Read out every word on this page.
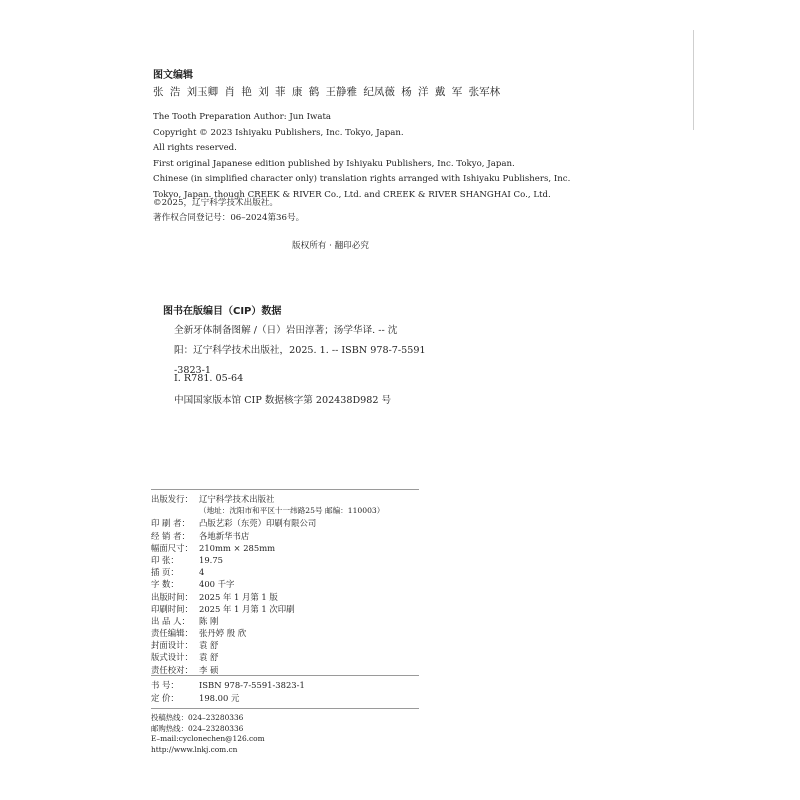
图文编辑
张 浩 刘玉卿 肖 艳 刘 菲 康 鹤 王静雅 纪凤薇 杨 洋 戴 军 张军林
The Tooth Preparation Author: Jun Iwata
Copyright © 2023 Ishiyaku Publishers, Inc. Tokyo, Japan.
All rights reserved.
First original Japanese edition published by Ishiyaku Publishers, Inc. Tokyo, Japan.
Chinese (in simplified character only) translation rights arranged with Ishiyaku Publishers, Inc.
Tokyo, Japan. though CREEK & RIVER Co., Ltd. and CREEK & RIVER SHANGHAI Co., Ltd.
©2025，辽宁科学技术出版社。
著作权合同登记号：06–2024第36号。
版权所有 · 翻印必究
图书在版编目（CIP）数据
全新牙体制备图解 /（日）岩田淳著；汤学华译. -- 沈
阳：辽宁科学技术出版社，2025. 1. -- ISBN 978-7-5591
-3823-1
Ⅰ. R781. 05-64
中国国家版本馆 CIP 数据核字第 202438D982 号
出版发行： 辽宁科学技术出版社
（地址：沈阳市和平区十一纬路25号 邮编：110003）
印 刷 者：	凸版艺彩（东莞）印刷有限公司
经 销 者：	各地新华书店
幅面尺寸： 210mm × 285mm
印 张：	19.75
插 页：	4
字 数：	400 千字
出版时间： 2025 年 1 月第 1 版
印刷时间： 2025 年 1 月第 1 次印刷
出 品 人：	陈 刚
责任编辑： 张丹婷 殷 欣
封面设计： 袁 舒
版式设计： 袁 舒
责任校对： 李 硕
书 号：	ISBN 978-7-5591-3823-1
定 价：	198.00 元
投稿热线：024–23280336
邮购热线：024–23280336
E–mail:cyclonechen@126.com
http://www.lnkj.com.cn
